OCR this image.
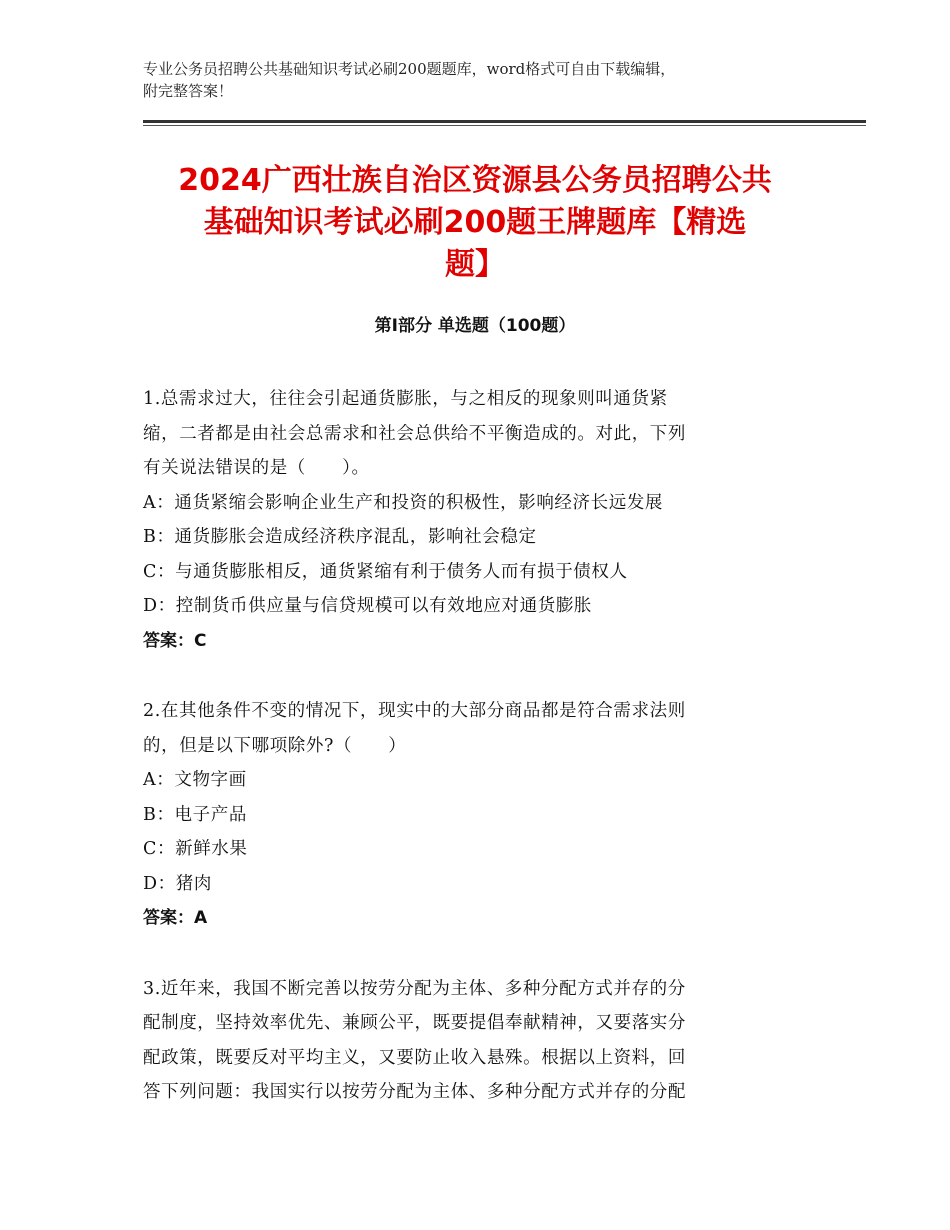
专业公务员招聘公共基础知识考试必刷200题题库，word格式可自由下载编辑，
附完整答案！
2024广西壮族自治区资源县公务员招聘公共
基础知识考试必刷200题王牌题库【精选
题】
第Ⅰ部分 单选题（100题）
1.总需求过大，往往会引起通货膨胀，与之相反的现象则叫通货紧
缩，二者都是由社会总需求和社会总供给不平衡造成的。对此，下列
有关说法错误的是（　　）。
A：通货紧缩会影响企业生产和投资的积极性，影响经济长远发展
B：通货膨胀会造成经济秩序混乱，影响社会稳定
C：与通货膨胀相反，通货紧缩有利于债务人而有损于债权人
D：控制货币供应量与信贷规模可以有效地应对通货膨胀
答案：C
2.在其他条件不变的情况下，现实中的大部分商品都是符合需求法则
的，但是以下哪项除外?（　　）
A：文物字画
B：电子产品
C：新鲜水果
D：猪肉
答案：A
3.近年来，我国不断完善以按劳分配为主体、多种分配方式并存的分
配制度，坚持效率优先、兼顾公平，既要提倡奉献精神，又要落实分
配政策，既要反对平均主义，又要防止收入悬殊。根据以上资料，回
答下列问题：我国实行以按劳分配为主体、多种分配方式并存的分配
